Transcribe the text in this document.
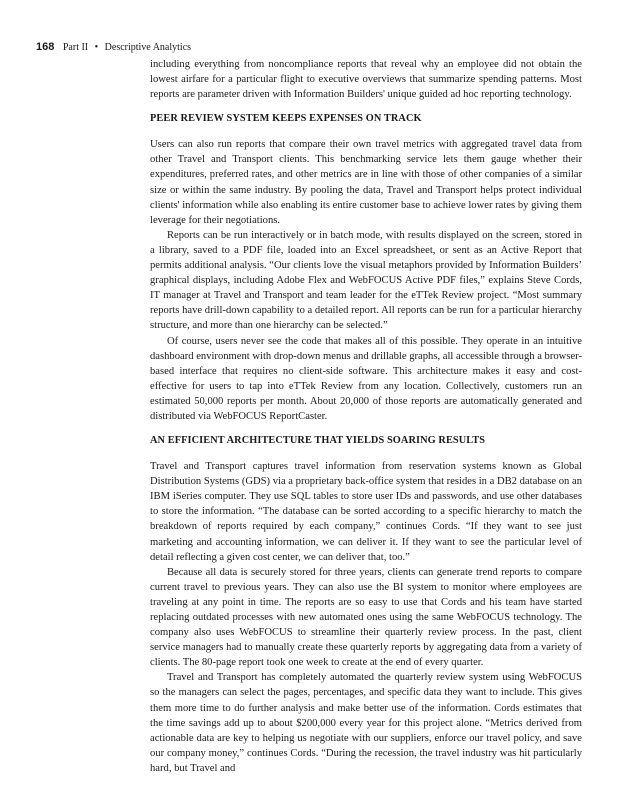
168 Part II • Descriptive Analytics

including everything from noncompliance reports that reveal why an employee did not obtain the lowest airfare for a particular flight to executive overviews that summarize spending patterns. Most reports are parameter driven with Information Builders' unique guided ad hoc reporting technology.

PEER REVIEW SYSTEM KEEPS EXPENSES ON TRACK

Users can also run reports that compare their own travel metrics with aggregated travel data from other Travel and Transport clients. This benchmarking service lets them gauge whether their expenditures, preferred rates, and other metrics are in line with those of other companies of a similar size or within the same industry. By pooling the data, Travel and Transport helps protect individual clients' information while also enabling its entire customer base to achieve lower rates by giving them leverage for their negotiations.

Reports can be run interactively or in batch mode, with results displayed on the screen, stored in a library, saved to a PDF file, loaded into an Excel spreadsheet, or sent as an Active Report that permits additional analysis. “Our clients love the visual metaphors provided by Information Builders’ graphical displays, including Adobe Flex and WebFOCUS Active PDF files,” explains Steve Cords, IT manager at Travel and Transport and team leader for the eTTek Review project. “Most summary reports have drill-down capability to a detailed report. All reports can be run for a particular hierarchy structure, and more than one hierarchy can be selected.”

Of course, users never see the code that makes all of this possible. They operate in an intuitive dashboard environment with drop-down menus and drillable graphs, all accessible through a browser-based interface that requires no client-side software. This architecture makes it easy and cost-effective for users to tap into eTTek Review from any location. Collectively, customers run an estimated 50,000 reports per month. About 20,000 of those reports are automatically generated and distributed via WebFOCUS ReportCaster.

AN EFFICIENT ARCHITECTURE THAT YIELDS SOARING RESULTS

Travel and Transport captures travel information from reservation systems known as Global Distribution Systems (GDS) via a proprietary back-office system that resides in a DB2 database on an IBM iSeries computer. They use SQL tables to store user IDs and passwords, and use other databases to store the information. “The database can be sorted according to a specific hierarchy to match the breakdown of reports required by each company,” continues Cords. “If they want to see just marketing and accounting information, we can deliver it. If they want to see the particular level of detail reflecting a given cost center, we can deliver that, too.”

Because all data is securely stored for three years, clients can generate trend reports to compare current travel to previous years. They can also use the BI system to monitor where employees are traveling at any point in time. The reports are so easy to use that Cords and his team have started replacing outdated processes with new automated ones using the same WebFOCUS technology. The company also uses WebFOCUS to streamline their quarterly review process. In the past, client service managers had to manually create these quarterly reports by aggregating data from a variety of clients. The 80-page report took one week to create at the end of every quarter.

Travel and Transport has completely automated the quarterly review system using WebFOCUS so the managers can select the pages, percentages, and specific data they want to include. This gives them more time to do further analysis and make better use of the information. Cords estimates that the time savings add up to about $200,000 every year for this project alone. “Metrics derived from actionable data are key to helping us negotiate with our suppliers, enforce our travel policy, and save our company money,” continues Cords. “During the recession, the travel industry was hit particularly hard, but Travel and
